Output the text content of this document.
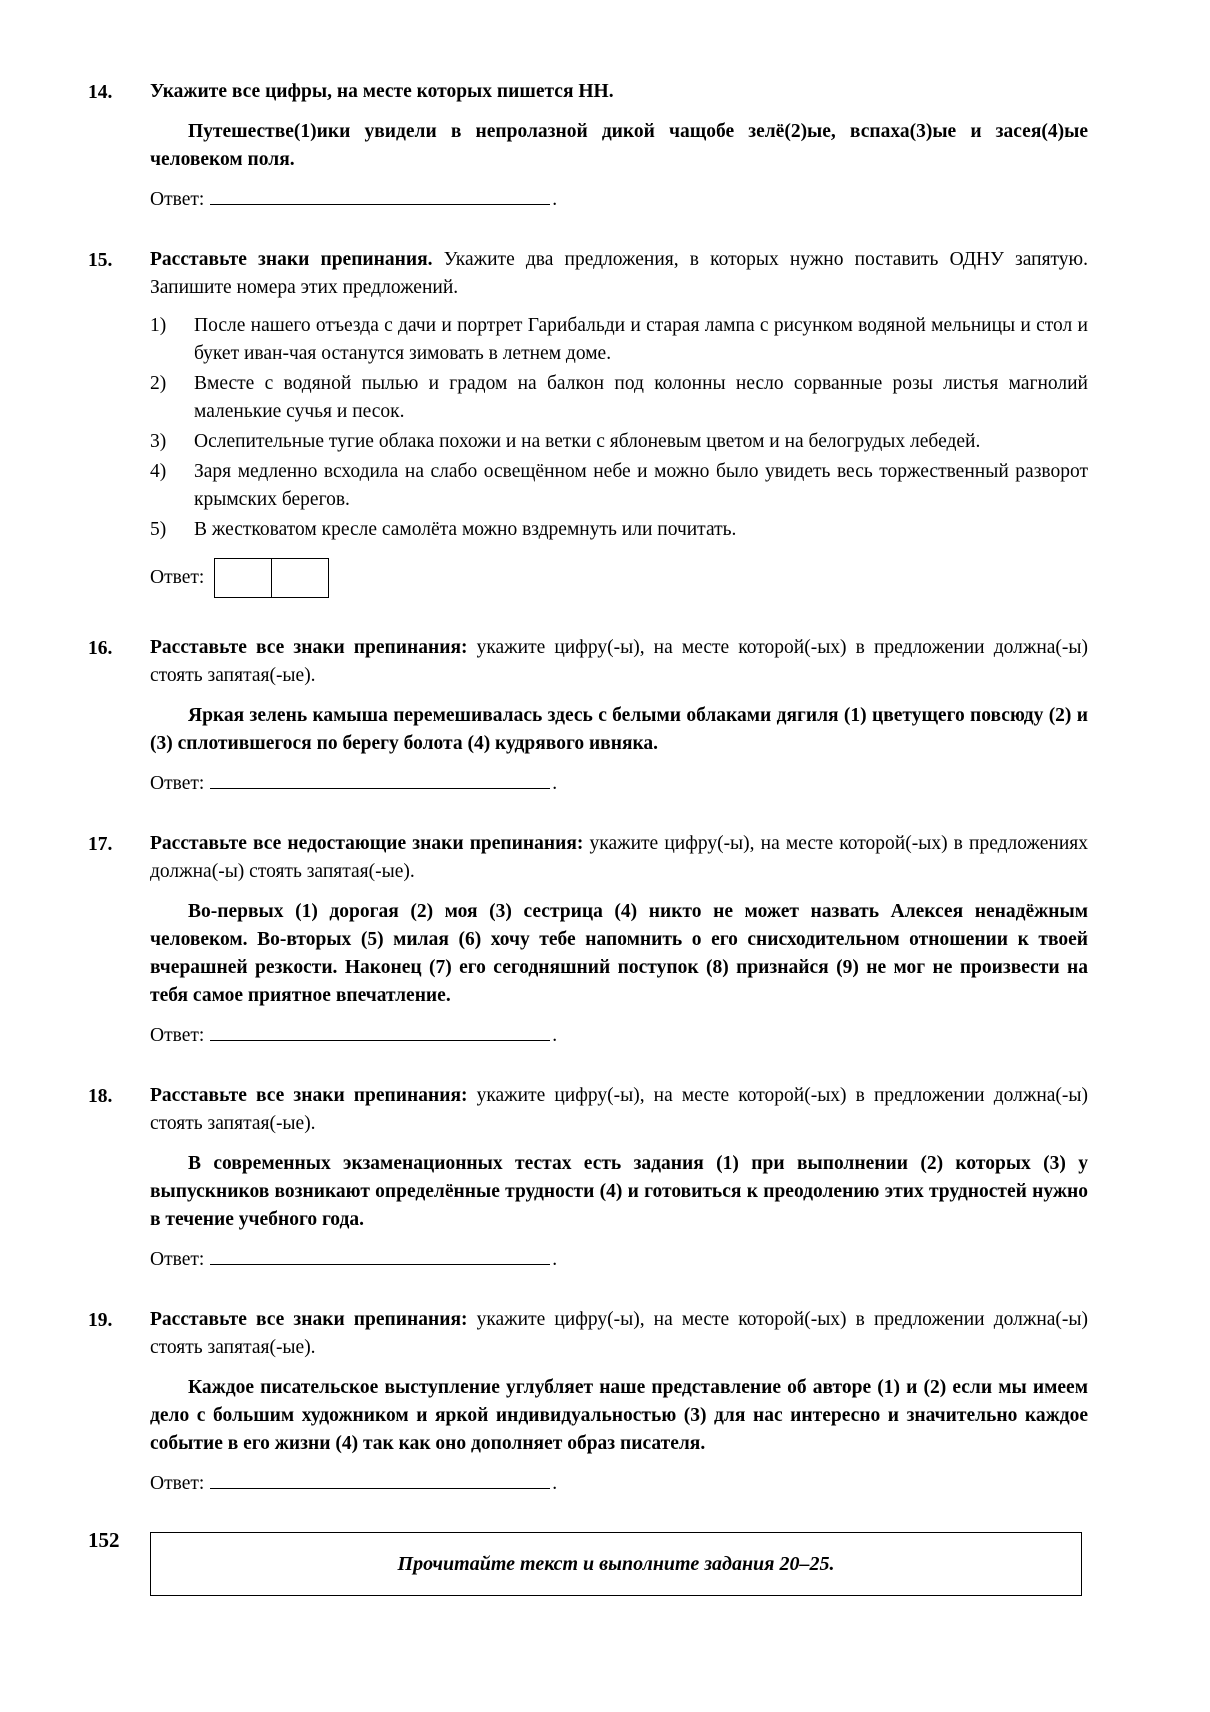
14.	Укажите все цифры, на месте которых пишется НН.
Путешестве(1)ики увидели в непролазной дикой чащобе зелё(2)ые, вспаха(3)ые и засея(4)ые человеком поля.
Ответ:	.
15.	Расставьте знаки препинания. Укажите два предложения, в которых нужно поставить ОДНУ запятую. Запишите номера этих предложений.
1)	После нашего отъезда с дачи и портрет Гарибальди и старая лампа с рисунком водяной мельницы и стол и букет иван-чая останутся зимовать в летнем доме.
2)	Вместе с водяной пылью и градом на балкон под колонны несло сорванные розы листья магнолий маленькие сучья и песок.
3)	Ослепительные тугие облака похожи и на ветки с яблоневым цветом и на белогрудых лебедей.
4)	Заря медленно всходила на слабо освещённом небе и можно было увидеть весь торжественный разворот крымских берегов.
5)	В жестковатом кресле самолёта можно вздремнуть или почитать.
Ответ:
16.	Расставьте все знаки препинания: укажите цифру(-ы), на месте которой(-ых) в предложении должна(-ы) стоять запятая(-ые).
Яркая зелень камыша перемешивалась здесь с белыми облаками дягиля (1) цветущего повсюду (2) и (3) сплотившегося по берегу болота (4) кудрявого ивняка.
Ответ:	.
17.	Расставьте все недостающие знаки препинания: укажите цифру(-ы), на месте которой(-ых) в предложениях должна(-ы) стоять запятая(-ые).
Во-первых (1) дорогая (2) моя (3) сестрица (4) никто не может назвать Алексея ненадёжным человеком. Во-вторых (5) милая (6) хочу тебе напомнить о его снисходительном отношении к твоей вчерашней резкости. Наконец (7) его сегодняшний поступок (8) признайся (9) не мог не произвести на тебя самое приятное впечатление.
Ответ:	.
18.	Расставьте все знаки препинания: укажите цифру(-ы), на месте которой(-ых) в предложении должна(-ы) стоять запятая(-ые).
В современных экзаменационных тестах есть задания (1) при выполнении (2) которых (3) у выпускников возникают определённые трудности (4) и готовиться к преодолению этих трудностей нужно в течение учебного года.
Ответ:	.
19.	Расставьте все знаки препинания: укажите цифру(-ы), на месте которой(-ых) в предложении должна(-ы) стоять запятая(-ые).
Каждое писательское выступление углубляет наше представление об авторе (1) и (2) если мы имеем дело с большим художником и яркой индивидуальностью (3) для нас интересно и значительно каждое событие в его жизни (4) так как оно дополняет образ писателя.
Ответ:	.
Прочитайте текст и выполните задания 20–25.
152
